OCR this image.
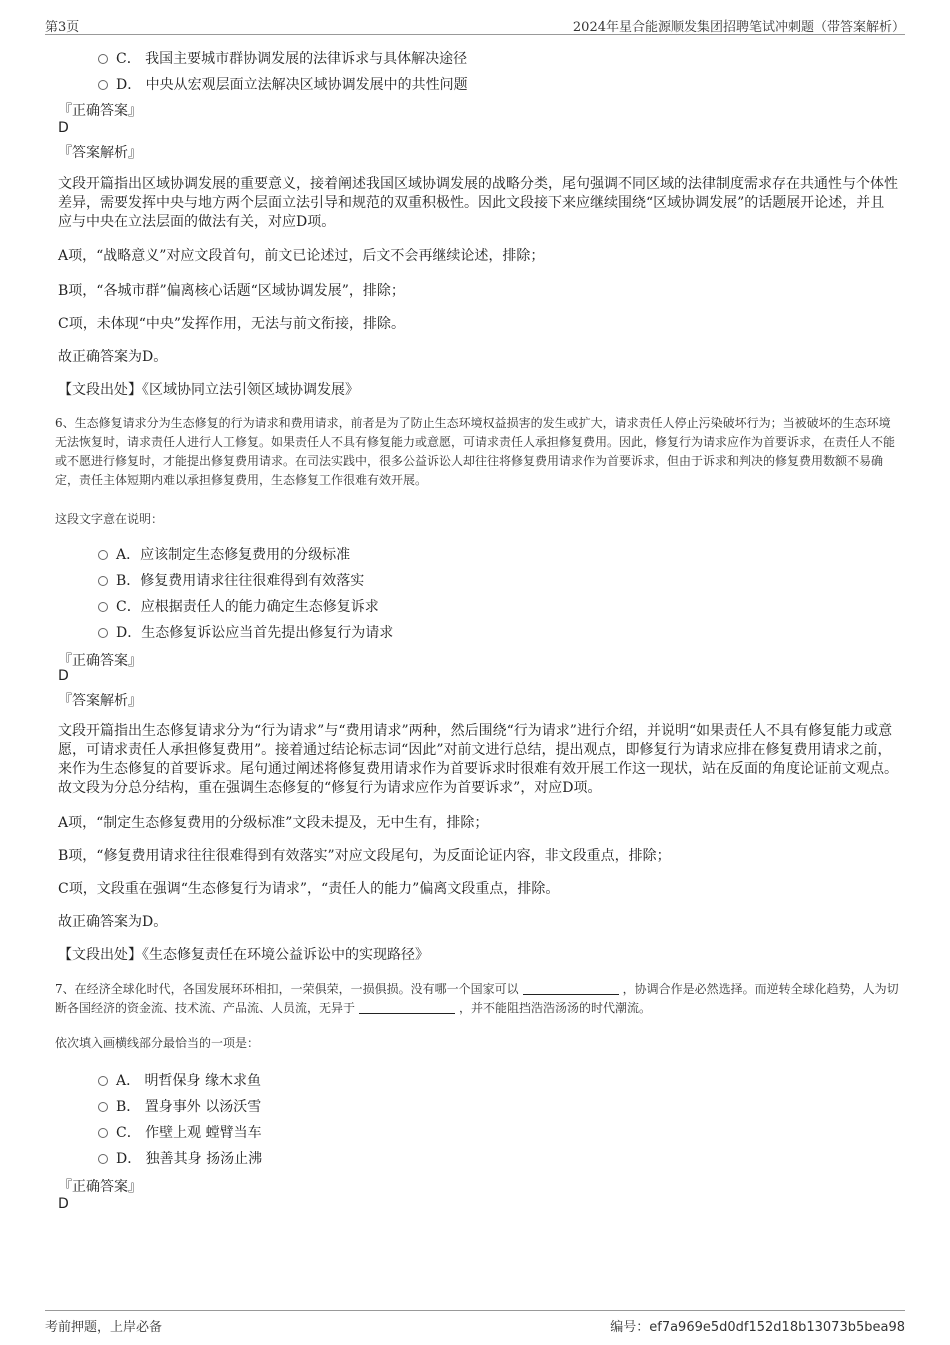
第3页	2024年星合能源顺发集团招聘笔试冲刺题（带答案解析）
C． 我国主要城市群协调发展的法律诉求与具体解决途径
D． 中央从宏观层面立法解决区域协调发展中的共性问题
『正确答案』
D
『答案解析』
文段开篇指出区域协调发展的重要意义，接着阐述我国区域协调发展的战略分类，尾句强调不同区域的法律制度需求存在共通性与个体性差异，需要发挥中央与地方两个层面立法引导和规范的双重积极性。因此文段接下来应继续围绕“区域协调发展”的话题展开论述，并且应与中央在立法层面的做法有关，对应D项。
A项，“战略意义”对应文段首句，前文已论述过，后文不会再继续论述，排除；
B项，“各城市群”偏离核心话题“区域协调发展”，排除；
C项，未体现“中央”发挥作用，无法与前文衔接，排除。
故正确答案为D。
【文段出处】《区域协同立法引领区域协调发展》
6、生态修复请求分为生态修复的行为请求和费用请求，前者是为了防止生态环境权益损害的发生或扩大，请求责任人停止污染破坏行为；当被破坏的生态环境无法恢复时，请求责任人进行人工修复。如果责任人不具有修复能力或意愿，可请求责任人承担修复费用。因此，修复行为请求应作为首要诉求，在责任人不能或不愿进行修复时，才能提出修复费用请求。在司法实践中，很多公益诉讼人却往往将修复费用请求作为首要诉求，但由于诉求和判决的修复费用数额不易确定，责任主体短期内难以承担修复费用，生态修复工作很难有效开展。
这段文字意在说明：
A．应该制定生态修复费用的分级标准
B．修复费用请求往往很难得到有效落实
C．应根据责任人的能力确定生态修复诉求
D．生态修复诉讼应当首先提出修复行为请求
『正确答案』
D
『答案解析』
文段开篇指出生态修复请求分为“行为请求”与“费用请求”两种，然后围绕“行为请求”进行介绍，并说明“如果责任人不具有修复能力或意愿，可请求责任人承担修复费用”。接着通过结论标志词“因此”对前文进行总结，提出观点，即修复行为请求应排在修复费用请求之前，来作为生态修复的首要诉求。尾句通过阐述将修复费用请求作为首要诉求时很难有效开展工作这一现状，站在反面的角度论证前文观点。故文段为分总分结构，重在强调生态修复的“修复行为请求应作为首要诉求”，对应D项。
A项，“制定生态修复费用的分级标准”文段未提及，无中生有，排除；
B项，“修复费用请求往往很难得到有效落实”对应文段尾句，为反面论证内容，非文段重点，排除；
C项，文段重在强调“生态修复行为请求”，“责任人的能力”偏离文段重点，排除。
故正确答案为D。
【文段出处】《生态修复责任在环境公益诉讼中的实现路径》
7、在经济全球化时代，各国发展环环相扣，一荣俱荣，一损俱损。没有哪一个国家可以	，协调合作是必然选择。而逆转全球化趋势，人为切断各国经济的资金流、技术流、产品流、人员流，无异于	，并不能阻挡浩浩汤汤的时代潮流。
依次填入画横线部分最恰当的一项是：
A． 明哲保身 缘木求鱼
B． 置身事外 以汤沃雪
C． 作壁上观 螳臂当车
D． 独善其身 扬汤止沸
『正确答案』
D
考前押题，上岸必备	编号：ef7a969e5d0df152d18b13073b5bea98
